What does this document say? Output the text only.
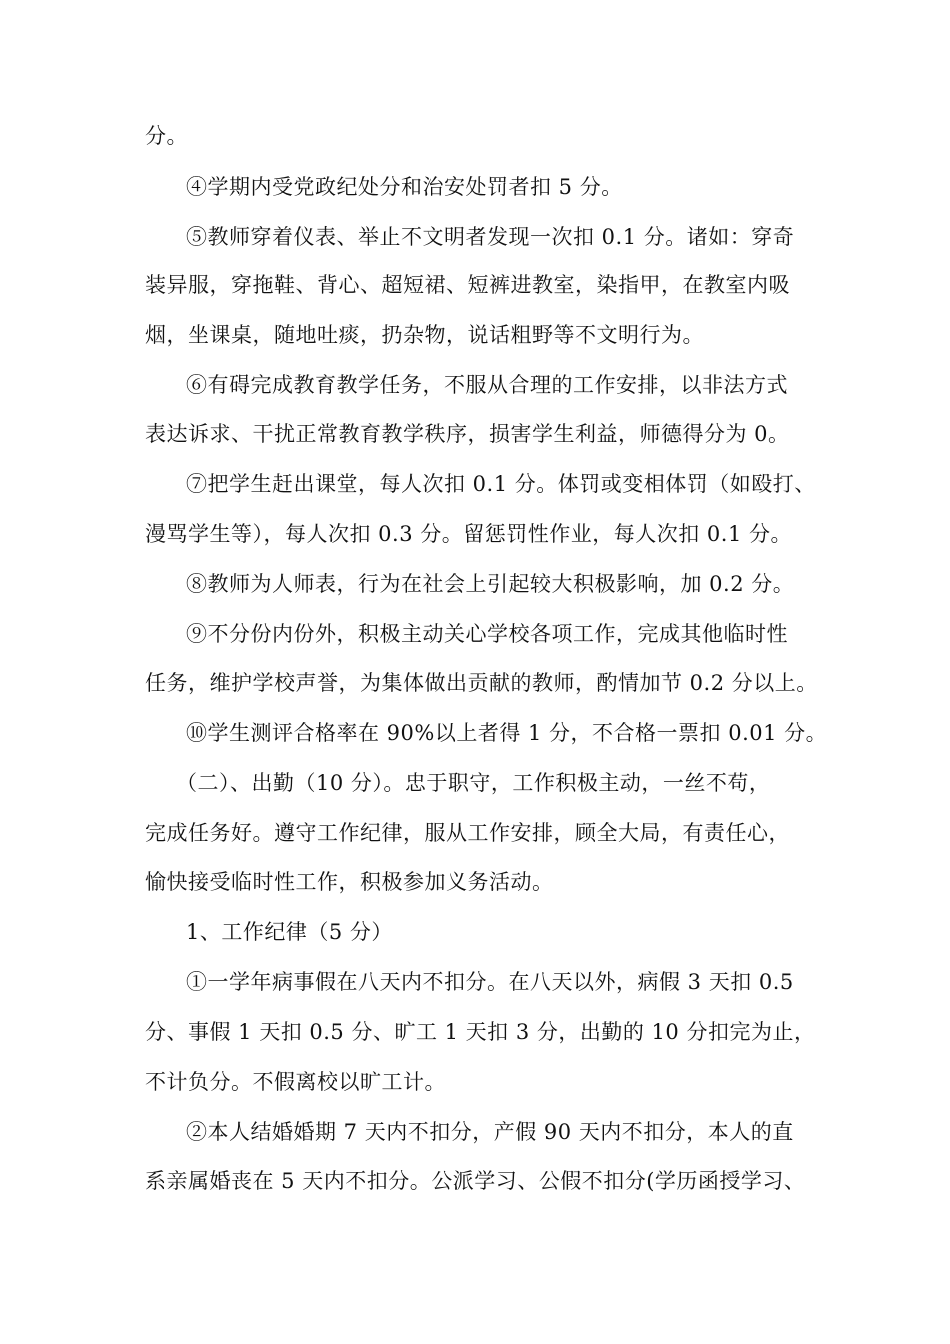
分。
④学期内受党政纪处分和治安处罚者扣 5 分。
⑤教师穿着仪表、举止不文明者发现一次扣 0.1 分。诸如：穿奇
装异服，穿拖鞋、背心、超短裙、短裤进教室，染指甲，在教室内吸
烟，坐课桌，随地吐痰，扔杂物，说话粗野等不文明行为。
⑥有碍完成教育教学任务，不服从合理的工作安排，以非法方式
表达诉求、干扰正常教育教学秩序，损害学生利益，师德得分为 0。
⑦把学生赶出课堂，每人次扣 0.1 分。体罚或变相体罚（如殴打、
漫骂学生等），每人次扣 0.3 分。留惩罚性作业，每人次扣 0.1 分。
⑧教师为人师表，行为在社会上引起较大积极影响，加 0.2 分。
⑨不分份内份外，积极主动关心学校各项工作，完成其他临时性
任务，维护学校声誉，为集体做出贡献的教师，酌情加节 0.2 分以上。
⑩学生测评合格率在 90%以上者得 1 分，不合格一票扣 0.01 分。
（二）、出勤（10 分）。忠于职守，工作积极主动，一丝不苟，
完成任务好。遵守工作纪律，服从工作安排，顾全大局，有责任心，
愉快接受临时性工作，积极参加义务活动。
1、工作纪律（5 分）
①一学年病事假在八天内不扣分。在八天以外，病假 3 天扣 0.5
分、事假 1 天扣 0.5 分、旷工 1 天扣 3 分，出勤的 10 分扣完为止，
不计负分。不假离校以旷工计。
②本人结婚婚期 7 天内不扣分，产假 90 天内不扣分，本人的直
系亲属婚丧在 5 天内不扣分。公派学习、公假不扣分(学历函授学习、
